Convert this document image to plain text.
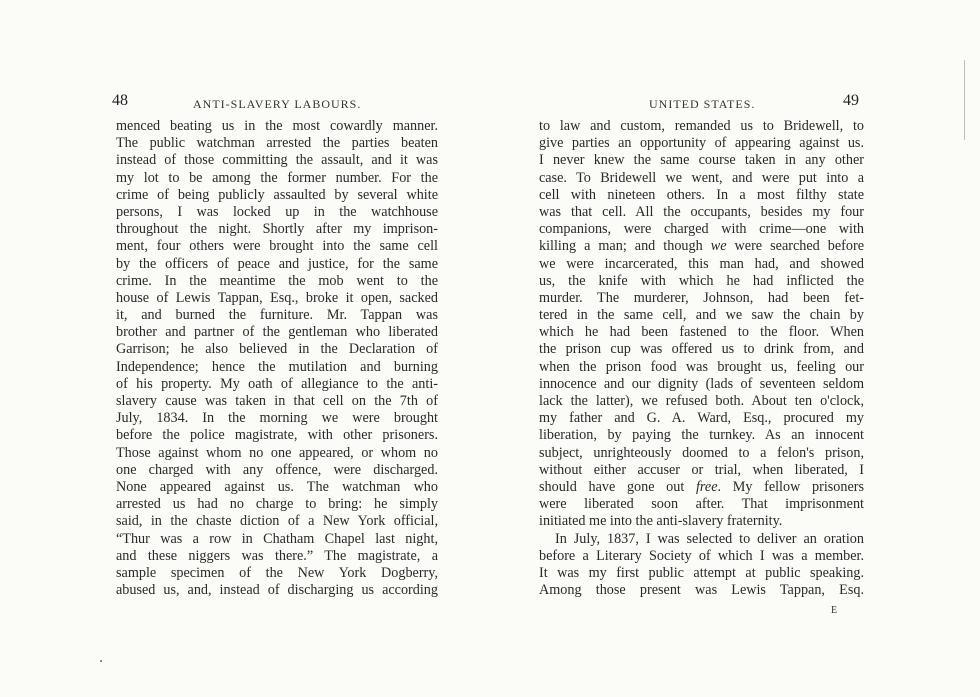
48	ANTI-SLAVERY LABOURS.
menced beating us in the most cowardly manner.
The public watchman arrested the parties beaten
instead of those committing the assault, and it was
my lot to be among the former number. For the
crime of being publicly assaulted by several white
persons, I was locked up in the watchhouse
throughout the night. Shortly after my imprison-
ment, four others were brought into the same cell
by the officers of peace and justice, for the same
crime. In the meantime the mob went to the
house of Lewis Tappan, Esq., broke it open, sacked
it, and burned the furniture. Mr. Tappan was
brother and partner of the gentleman who liberated
Garrison; he also believed in the Declaration of
Independence; hence the mutilation and burning
of his property. My oath of allegiance to the anti-
slavery cause was taken in that cell on the 7th of
July, 1834. In the morning we were brought
before the police magistrate, with other prisoners.
Those against whom no one appeared, or whom no
one charged with any offence, were discharged.
None appeared against us. The watchman who
arrested us had no charge to bring: he simply
said, in the chaste diction of a New York official,
“Thur was a row in Chatham Chapel last night,
and these niggers was there.” The magistrate, a
sample specimen of the New York Dogberry,
abused us, and, instead of discharging us according
UNITED STATES.	49
to law and custom, remanded us to Bridewell, to
give parties an opportunity of appearing against us.
I never knew the same course taken in any other
case. To Bridewell we went, and were put into a
cell with nineteen others. In a most filthy state
was that cell. All the occupants, besides my four
companions, were charged with crime—one with
killing a man; and though we were searched before
we were incarcerated, this man had, and showed
us, the knife with which he had inflicted the
murder. The murderer, Johnson, had been fet-
tered in the same cell, and we saw the chain by
which he had been fastened to the floor. When
the prison cup was offered us to drink from, and
when the prison food was brought us, feeling our
innocence and our dignity (lads of seventeen seldom
lack the latter), we refused both. About ten o'clock,
my father and G. A. Ward, Esq., procured my
liberation, by paying the turnkey. As an innocent
subject, unrighteously doomed to a felon's prison,
without either accuser or trial, when liberated, I
should have gone out free. My fellow prisoners
were liberated soon after. That imprisonment
initiated me into the anti-slavery fraternity.
In July, 1837, I was selected to deliver an oration
before a Literary Society of which I was a member.
It was my first public attempt at public speaking.
Among those present was Lewis Tappan, Esq.
E
